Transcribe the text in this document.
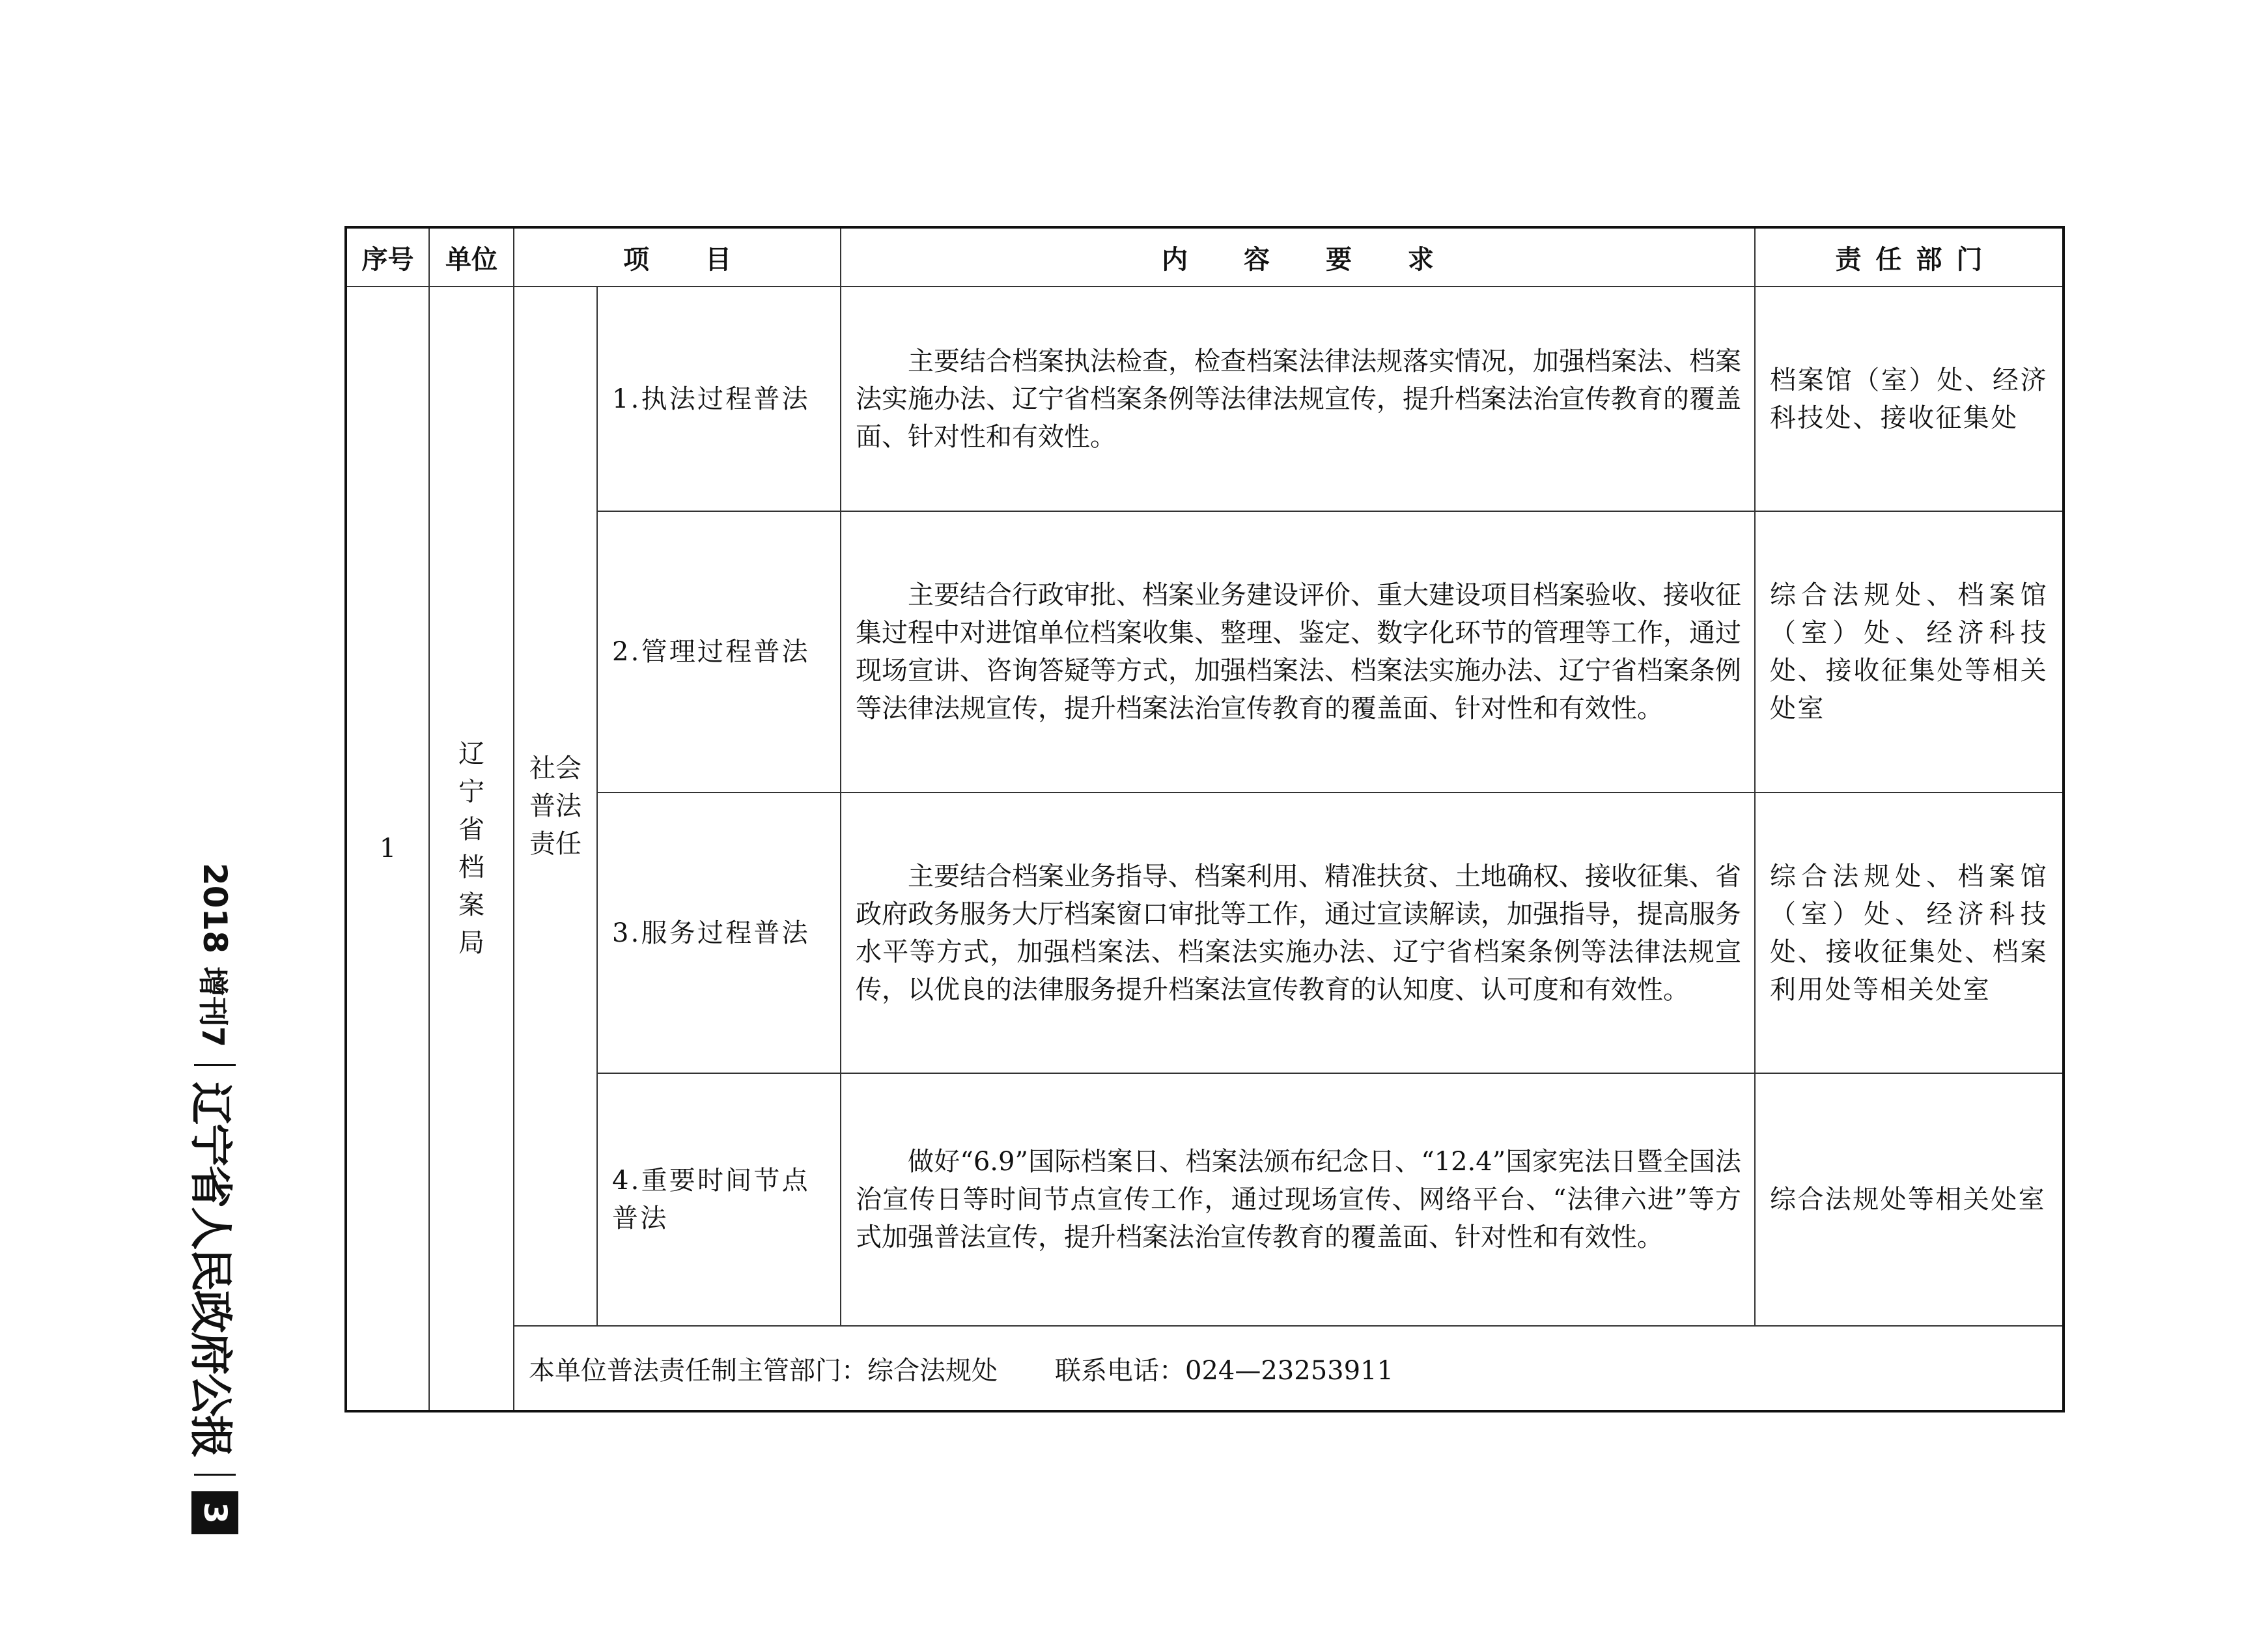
序号	单位	项 目		内 容 要 求	责任部门
1	辽宁省档案局	社会普法责任	1.执法过程普法	主要结合档案执法检查，检查档案法律法规落实情况，加强档案法、档案法实施办法、辽宁省档案条例等法律法规宣传，提升档案法治宣传教育的覆盖面、针对性和有效性。	档案馆（室）处、经济科技处、接收征集处

			2.管理过程普法	主要结合行政审批、档案业务建设评价、重大建设项目档案验收、接收征集过程中对进馆单位档案收集、整理、鉴定、数字化环节的管理等工作，通过现场宣讲、咨询答疑等方式，加强档案法、档案法实施办法、辽宁省档案条例等法律法规宣传，提升档案法治宣传教育的覆盖面、针对性和有效性。	综合法规处、档案馆（室）处、经济科技处、接收征集处等相关处室

			3.服务过程普法	主要结合档案业务指导、档案利用、精准扶贫、土地确权、接收征集、省政府政务服务大厅档案窗口审批等工作，通过宣读解读，加强指导，提高服务水平等方式，加强档案法、档案法实施办法、辽宁省档案条例等法律法规宣传，以优良的法律服务提升档案法宣传教育的认知度、认可度和有效性。	综合法规处、档案馆（室）处、经济科技处、接收征集处、档案利用处等相关处室

			4.重要时间节点普法	做好“6.9”国际档案日、档案法颁布纪念日、“12.4”国家宪法日暨全国法治宣传日等时间节点宣传工作，通过现场宣传、网络平台、“法律六进”等方式加强普法宣传，提升档案法治宣传教育的覆盖面、针对性和有效性。	综合法规处等相关处室
		本单位普法责任制主管部门：综合法规处 联系电话：024—23253911			
2018
增刊7
辽宁省人民政府公报
3
